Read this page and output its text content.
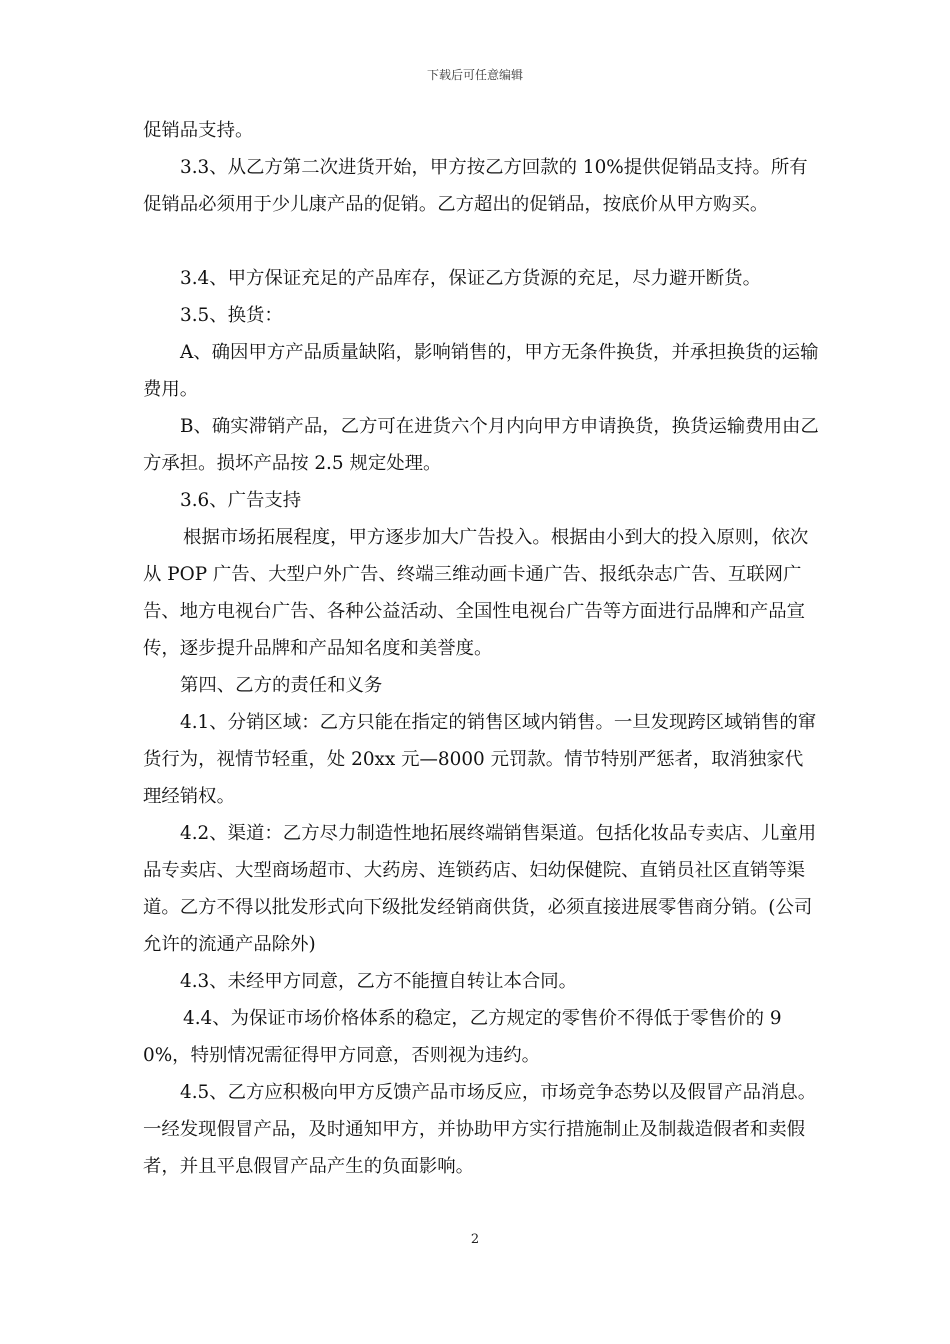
下载后可任意编辑

促销品支持。

3.3、从乙方第二次进货开始，甲方按乙方回款的 10%提供促销品支持。所有促销品必须用于少儿康产品的促销。乙方超出的促销品，按底价从甲方购买。

3.4、甲方保证充足的产品库存，保证乙方货源的充足，尽力避开断货。

3.5、换货：

A、确因甲方产品质量缺陷，影响销售的，甲方无条件换货，并承担换货的运输费用。

B、确实滞销产品，乙方可在进货六个月内向甲方申请换货，换货运输费用由乙方承担。损坏产品按 2.5 规定处理。

3.6、广告支持

根据市场拓展程度，甲方逐步加大广告投入。根据由小到大的投入原则，依次从 POP 广告、大型户外广告、终端三维动画卡通广告、报纸杂志广告、互联网广告、地方电视台广告、各种公益活动、全国性电视台广告等方面进行品牌和产品宣传，逐步提升品牌和产品知名度和美誉度。

第四、乙方的责任和义务

4.1、分销区域：乙方只能在指定的销售区域内销售。一旦发现跨区域销售的窜货行为，视情节轻重，处 20xx 元—8000 元罚款。情节特别严惩者，取消独家代理经销权。

4.2、渠道：乙方尽力制造性地拓展终端销售渠道。包括化妆品专卖店、儿童用品专卖店、大型商场超市、大药房、连锁药店、妇幼保健院、直销员社区直销等渠道。乙方不得以批发形式向下级批发经销商供货，必须直接进展零售商分销。(公司允许的流通产品除外)

4.3、未经甲方同意，乙方不能擅自转让本合同。

4.4、为保证市场价格体系的稳定，乙方规定的零售价不得低于零售价的 90%，特别情况需征得甲方同意，否则视为违约。

4.5、乙方应积极向甲方反馈产品市场反应，市场竞争态势以及假冒产品消息。一经发现假冒产品，及时通知甲方，并协助甲方实行措施制止及制裁造假者和卖假者，并且平息假冒产品产生的负面影响。

2
